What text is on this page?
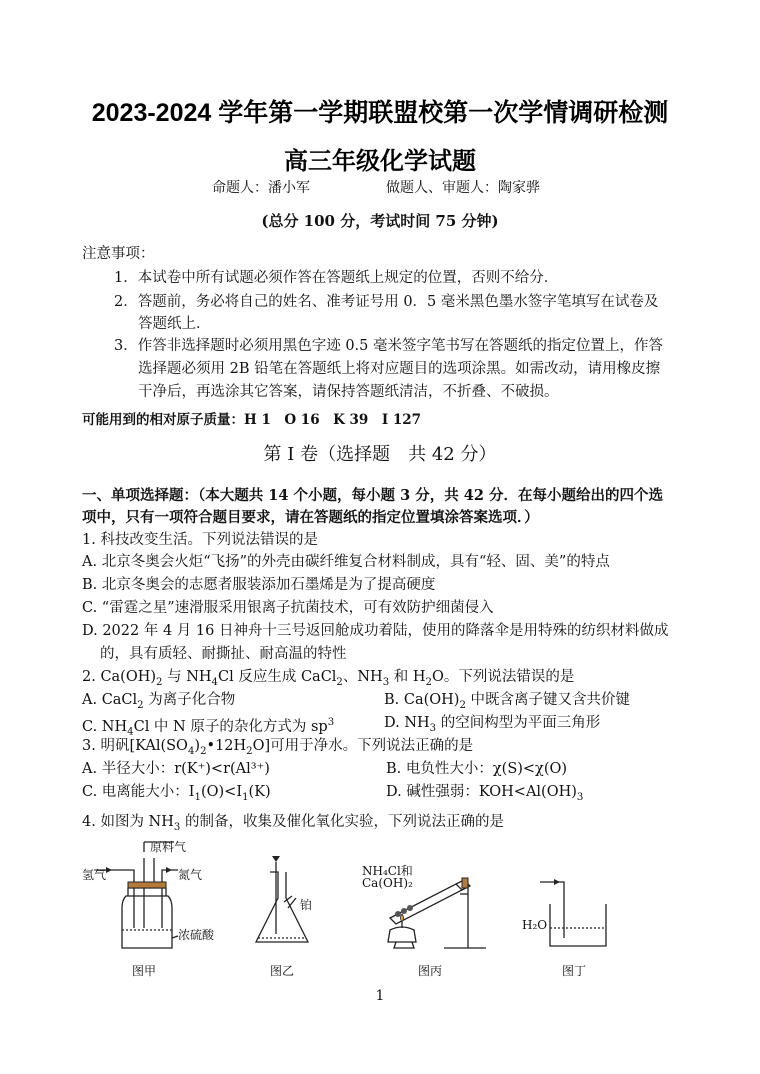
2023-2024 学年第一学期联盟校第一次学情调研检测
高三年级化学试题
命题人：潘小军	做题人、审题人：陶家骅
(总分 100 分，考试时间 75 分钟)
注意事项：
1．本试卷中所有试题必须作答在答题纸上规定的位置，否则不给分．
2．答题前，务必将自己的姓名、准考证号用 0．5 毫米黑色墨水签字笔填写在试卷及
答题纸上．
3．作答非选择题时必须用黑色字迹 0.5 毫米签字笔书写在答题纸的指定位置上，作答
选择题必须用 2B 铅笔在答题纸上将对应题目的选项涂黑。如需改动，请用橡皮擦
干净后，再选涂其它答案，请保持答题纸清洁，不折叠、不破损。
可能用到的相对原子质量：H 1　O 16　K 39　I 127
第 I 卷（选择题　共 42 分）
一、单项选择题：（本大题共 14 个小题，每小题 3 分，共 42 分．在每小题给出的四个选
项中，只有一项符合题目要求，请在答题纸的指定位置填涂答案选项．）
1. 科技改变生活。下列说法错误的是
A. 北京冬奥会火炬“飞扬”的外壳由碳纤维复合材料制成，具有“轻、固、美”的特点
B. 北京冬奥会的志愿者服装添加石墨烯是为了提高硬度
C. “雷霆之星”速滑服采用银离子抗菌技术，可有效防护细菌侵入
D. 2022 年 4 月 16 日神舟十三号返回舱成功着陆，使用的降落伞是用特殊的纺织材料做成
的，具有质轻、耐撕扯、耐高温的特性
2. $Ca(OH)_2$ 与 $NH_4Cl$ 反应生成 CaCl$_2$、$NH_3$ 和 $H_2O$。下列说法错误的是
A. CaCl$_2$ 为离子化合物	B. $Ca(OH)_2$ 中既含离子键又含共价键
C. $NH_4Cl$ 中 N 原子的杂化方式为 $sp^3$	D. $NH_3$ 的空间构型为平面三角形
3. 明矾$[KAl(SO_4)_2•12H_2O]$可用于净水。下列说法正确的是
A. 半径大小：r(K⁺)<r(Al³⁺)	B. 电负性大小：χ(S)<χ(O)
C. 电离能大小：$I_1(O)<I_1(K)$	D. 碱性强弱：$KOH<Al(OH)_3$
4. 如图为 $NH_3$ 的制备，收集及催化氧化实验，下列说法正确的是
原料气
氢气	氮气
浓硫酸
图甲
铂
图乙
NH₄Cl和
Ca(OH)₂
图丙
H₂O
图丁
1
